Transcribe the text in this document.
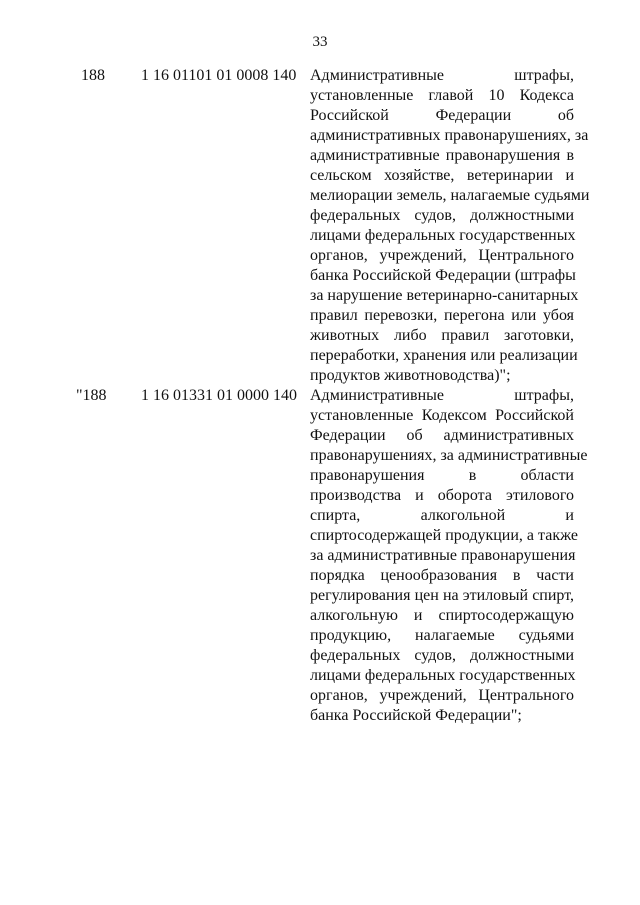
33
188 1 16 01101 01 0008 140 Административные штрафы,
установленные главой 10 Кодекса
Российской Федерации об
административных правонарушениях, за
административные правонарушения в
сельском хозяйстве, ветеринарии и
мелиорации земель, налагаемые судьями
федеральных судов, должностными
лицами федеральных государственных
органов, учреждений, Центрального
банка Российской Федерации (штрафы
за нарушение ветеринарно-санитарных
правил перевозки, перегона или убоя
животных либо правил заготовки,
переработки, хранения или реализации
продуктов животноводства)";
"188 1 16 01331 01 0000 140 Административные штрафы,
установленные Кодексом Российской
Федерации об административных
правонарушениях, за административные
правонарушения в области
производства и оборота этилового
спирта, алкогольной и
спиртосодержащей продукции, а также
за административные правонарушения
порядка ценообразования в части
регулирования цен на этиловый спирт,
алкогольную и спиртосодержащую
продукцию, налагаемые судьями
федеральных судов, должностными
лицами федеральных государственных
органов, учреждений, Центрального
банка Российской Федерации";
